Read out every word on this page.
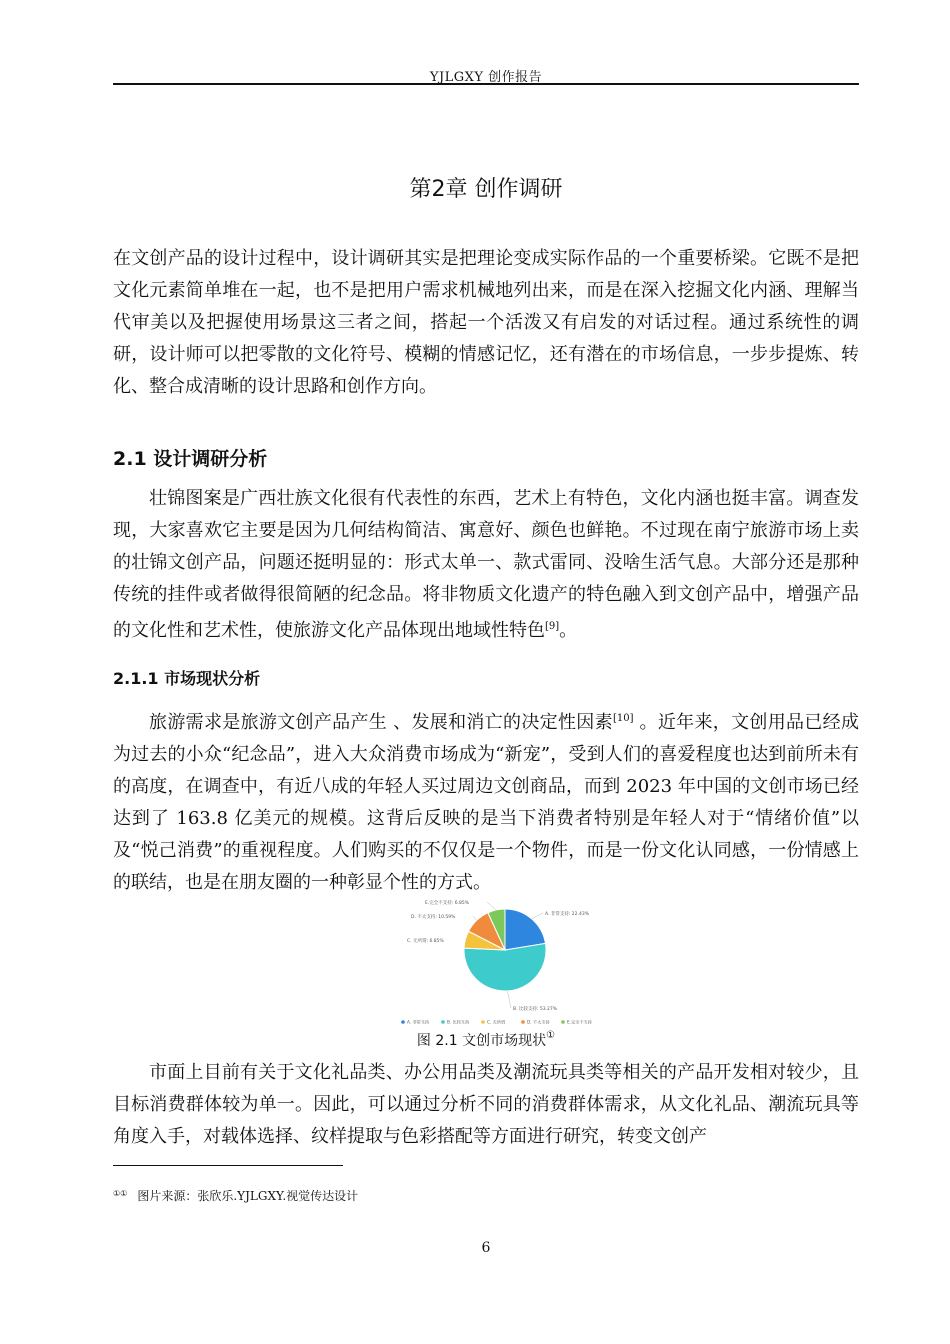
YJLGXY 创作报告
第2章 创作调研

在文创产品的设计过程中，设计调研其实是把理论变成实际作品的一个重要桥梁。它既不是把文化元素简单堆在一起，也不是把用户需求机械地列出来，而是在深入挖掘文化内涵、理解当代审美以及把握使用场景这三者之间，搭起一个活泼又有启发的对话过程。通过系统性的调研，设计师可以把零散的文化符号、模糊的情感记忆，还有潜在的市场信息，一步步提炼、转化、整合成清晰的设计思路和创作方向。

2.1 设计调研分析

壮锦图案是广西壮族文化很有代表性的东西，艺术上有特色，文化内涵也挺丰富。调查发现，大家喜欢它主要是因为几何结构简洁、寓意好、颜色也鲜艳。不过现在南宁旅游市场上卖的壮锦文创产品，问题还挺明显的：形式太单一、款式雷同、没啥生活气息。大部分还是那种传统的挂件或者做得很简陋的纪念品。将非物质文化遗产的特色融入到文创产品中，增强产品的文化性和艺术性，使旅游文化产品体现出地域性特色[9]。

2.1.1 市场现状分析

旅游需求是旅游文创产品产生 、发展和消亡的决定性因素[10] 。近年来，文创用品已经成为过去的小众“纪念品”，进入大众消费市场成为“新宠”，受到人们的喜爱程度也达到前所未有的高度，在调查中，有近八成的年轻人买过周边文创商品，而到 2023 年中国的文创市场已经达到了 163.8 亿美元的规模。这背后反映的是当下消费者特别是年轻人对于“情绪价值”以及“悦己消费”的重视程度。人们购买的不仅仅是一个物件，而是一份文化认同感，一份情感上的联结，也是在朋友圈的一种彰显个性的方式。

A. 非常支持: 22.43%
B. 比较支持: 53.27%
C. 无所谓: 6.85%
D. 不太支持: 10.59%
E.完全不支持: 6.85%
A. 非常支持	B. 比较支持	C. 无所谓	D. 不太支持	E.完全不支持
图 2.1 文创市场现状①

市面上目前有关于文化礼品类、办公用品类及潮流玩具类等相关的产品开发相对较少，且目标消费群体较为单一。因此，可以通过分析不同的消费群体需求，从文化礼品、潮流玩具等角度入手，对载体选择、纹样提取与色彩搭配等方面进行研究，转变文创产

①① 图片来源：张欣乐.YJLGXY.视觉传达设计
6
